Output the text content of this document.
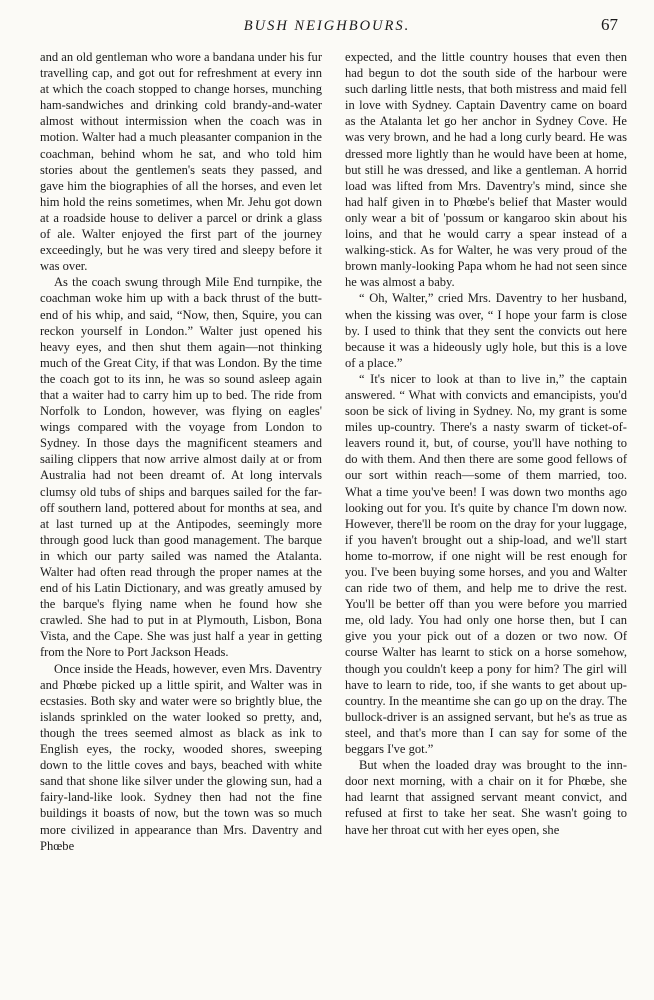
BUSH NEIGHBOURS.	67

and an old gentleman who wore a bandana under his fur travelling cap, and got out for refreshment at every inn at which the coach stopped to change horses, munching ham-sandwiches and drinking cold brandy-and-water almost without intermission when the coach was in motion. Walter had a much pleasanter companion in the coachman, behind whom he sat, and who told him stories about the gentlemen's seats they passed, and gave him the biographies of all the horses, and even let him hold the reins sometimes, when Mr. Jehu got down at a roadside house to deliver a parcel or drink a glass of ale. Walter enjoyed the first part of the journey exceedingly, but he was very tired and sleepy before it was over.

As the coach swung through Mile End turnpike, the coachman woke him up with a back thrust of the butt-end of his whip, and said, “Now, then, Squire, you can reckon yourself in London.” Walter just opened his heavy eyes, and then shut them again—not thinking much of the Great City, if that was London. By the time the coach got to its inn, he was so sound asleep again that a waiter had to carry him up to bed. The ride from Norfolk to London, however, was flying on eagles' wings compared with the voyage from London to Sydney. In those days the magnificent steamers and sailing clippers that now arrive almost daily at or from Australia had not been dreamt of. At long intervals clumsy old tubs of ships and barques sailed for the far-off southern land, pottered about for months at sea, and at last turned up at the Antipodes, seemingly more through good luck than good management. The barque in which our party sailed was named the Atalanta. Walter had often read through the proper names at the end of his Latin Dictionary, and was greatly amused by the barque's flying name when he found how she crawled. She had to put in at Plymouth, Lisbon, Bona Vista, and the Cape. She was just half a year in getting from the Nore to Port Jackson Heads.

Once inside the Heads, however, even Mrs. Daventry and Phœbe picked up a little spirit, and Walter was in ecstasies. Both sky and water were so brightly blue, the islands sprinkled on the water looked so pretty, and, though the trees seemed almost as black as ink to English eyes, the rocky, wooded shores, sweeping down to the little coves and bays, beached with white sand that shone like silver under the glowing sun, had a fairy-land-like look. Sydney then had not the fine buildings it boasts of now, but the town was so much more civilized in appearance than Mrs. Daventry and Phœbe

expected, and the little country houses that even then had begun to dot the south side of the harbour were such darling little nests, that both mistress and maid fell in love with Sydney. Captain Daventry came on board as the Atalanta let go her anchor in Sydney Cove. He was very brown, and he had a long curly beard. He was dressed more lightly than he would have been at home, but still he was dressed, and like a gentleman. A horrid load was lifted from Mrs. Daventry's mind, since she had half given in to Phœbe's belief that Master would only wear a bit of 'possum or kangaroo skin about his loins, and that he would carry a spear instead of a walking-stick. As for Walter, he was very proud of the brown manly-looking Papa whom he had not seen since he was almost a baby.

“ Oh, Walter,” cried Mrs. Daventry to her husband, when the kissing was over, “ I hope your farm is close by. I used to think that they sent the convicts out here because it was a hideously ugly hole, but this is a love of a place.”

“ It's nicer to look at than to live in,” the captain answered. “ What with convicts and emancipists, you'd soon be sick of living in Sydney. No, my grant is some miles up-country. There's a nasty swarm of ticket-of-leavers round it, but, of course, you'll have nothing to do with them. And then there are some good fellows of our sort within reach—some of them married, too. What a time you've been! I was down two months ago looking out for you. It's quite by chance I'm down now. However, there'll be room on the dray for your luggage, if you haven't brought out a ship-load, and we'll start home to-morrow, if one night will be rest enough for you. I've been buying some horses, and you and Walter can ride two of them, and help me to drive the rest. You'll be better off than you were before you married me, old lady. You had only one horse then, but I can give you your pick out of a dozen or two now. Of course Walter has learnt to stick on a horse somehow, though you couldn't keep a pony for him? The girl will have to learn to ride, too, if she wants to get about up-country. In the meantime she can go up on the dray. The bullock-driver is an assigned servant, but he's as true as steel, and that's more than I can say for some of the beggars I've got.”

But when the loaded dray was brought to the inn-door next morning, with a chair on it for Phœbe, she had learnt that assigned servant meant convict, and refused at first to take her seat. She wasn't going to have her throat cut with her eyes open, she
